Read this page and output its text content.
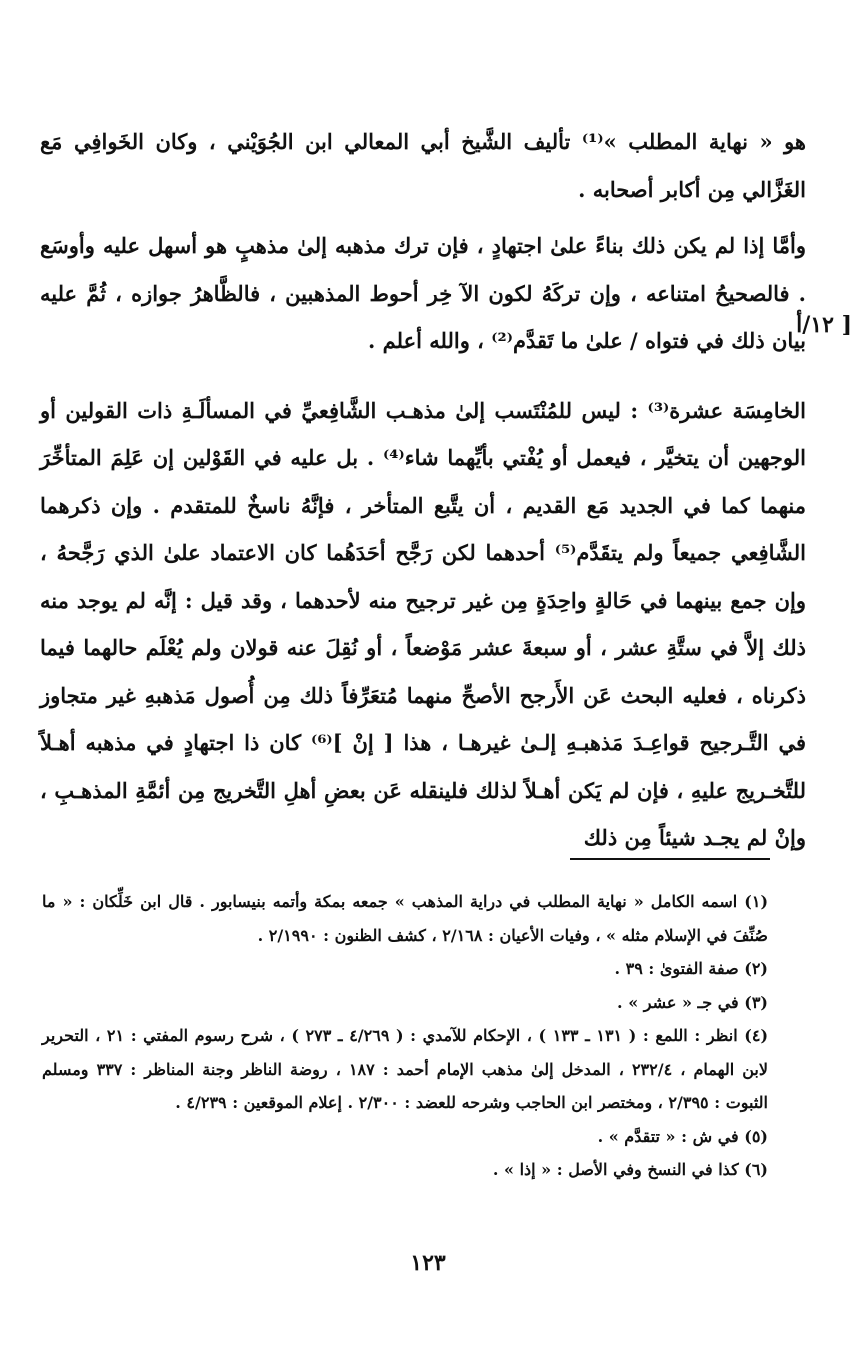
هو « نهاية المطلب »⁽¹⁾ تأليف الشَّيخ أبي المعالي ابن الجُوَيْني ، وكان الخَوافِي مَع الغَزَّالي مِن أكابر أصحابه .

وأمَّا إذا لم يكن ذلك بناءً علىٰ اجتهادٍ ، فإن ترك مذهبه إلىٰ مذهبٍ هو أسهل عليه وأوسَع . فالصحيحُ امتناعه ، وإن تركَهُ لكون الآ خِر أحوط المذهبين ، فالظَّاهرُ جوازه ، ثُمَّ عليه بيان ذلك في فتواه / علىٰ ما تَقدَّم⁽²⁾ ، والله أعلم .

الخامِسَة عشرة⁽³⁾ : ليس للمُنْتَسب إلىٰ مذهـب الشَّافِعيِّ في المسألَـةِ ذات القولين أو الوجهين أن يتخيَّر ، فيعمل أو يُفْتي بأيِّهما شاء⁽⁴⁾ . بل عليه في القَوْلين إن عَلِمَ المتأخِّرَ منهما كما في الجديد مَع القديم ، أن يتَّبع المتأخر ، فإنَّهُ ناسخٌ للمتقدم . وإن ذكرهما الشَّافِعي جميعاً ولم يتقَدَّم⁽⁵⁾ أحدهما لكن رَجَّح أحَدَهُما كان الاعتماد علىٰ الذي رَجَّحهُ ، وإن جمع بينهما في حَالةٍ واحِدَةٍ مِن غير ترجيح منه لأحدهما ، وقد قيل : إنَّه لم يوجد منه ذلك إلاَّ في ستَّةِ عشر ، أو سبعةَ عشر مَوْضعاً ، أو نُقِلَ عنه قولان ولم يُعْلَم حالهما فيما ذكرناه ، فعليه البحث عَن الأَرجح الأصحِّ منهما مُتعَرِّفاً ذلك مِن أُصول مَذهبهِ غير متجاوز في التَّـرجيح قواعِـدَ مَذهبـهِ إلـىٰ غيرهـا ، هذا [ إنْ ]⁽⁶⁾ كان ذا اجتهادٍ في مذهبه أهـلاً للتَّخـريج عليهِ ، فإن لم يَكن أهـلاً لذلك فلينقله عَن بعضِ أهلِ التَّخريج مِن أئمَّةِ المذهـبِ ، وإنْ لم يجـد شيئاً مِن ذلك

[ ١٢/أ

(١) اسمه الكامل « نهاية المطلب في دراية المذهب » جمعه بمكة وأتمه بنيسابور . قال ابن خَلِّكان : « ما صُنِّفَ في الإسلام مثله » ، وفيات الأعيان : ٢/١٦٨ ، كشف الظنون : ٢/١٩٩٠ .

(٢) صفة الفتوىٰ : ٣٩ .

(٣) في جـ « عشر » .

(٤) انظر : اللمع : ( ١٣١ ـ ١٣٣ ) ، الإحكام للآمدي : ( ٤/٢٦٩ ـ ٢٧٣ ) ، شرح رسوم المفتي : ٢١ ، التحرير لابن الهمام ، ٢٣٢/٤ ، المدخل إلىٰ مذهب الإمام أحمد : ١٨٧ ، روضة الناظر وجنة المناظر : ٣٣٧ ومسلم الثبوت : ٢/٣٩٥ ، ومختصر ابن الحاجب وشرحه للعضد : ٢/٣٠٠ . إعلام الموقعين : ٤/٢٣٩ .

(٥) في ش : « تتقدَّم » .

(٦) كذا في النسخ وفي الأصل : « إذا » .

١٢٣
